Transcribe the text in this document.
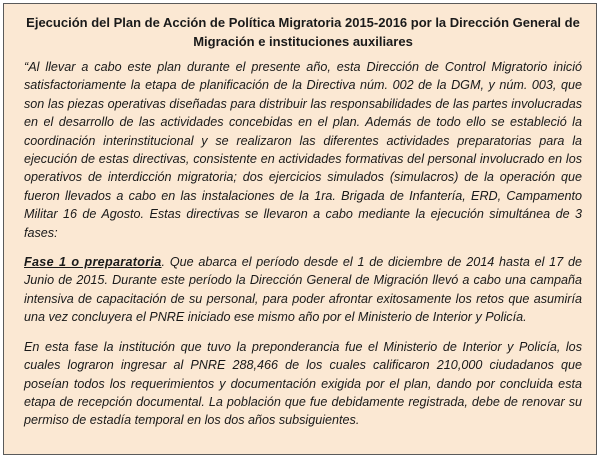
Ejecución del Plan de Acción de Política Migratoria 2015-2016 por la Dirección General de Migración e instituciones auxiliares

“Al llevar a cabo este plan durante el presente año, esta Dirección de Control Migratorio inició satisfactoriamente la etapa de planificación de la Directiva núm. 002 de la DGM, y núm. 003, que son las piezas operativas diseñadas para distribuir las responsabilidades de las partes involucradas en el desarrollo de las actividades concebidas en el plan. Además de todo ello se estableció la coordinación interinstitucional y se realizaron las diferentes actividades preparatorias para la ejecución de estas directivas, consistente en actividades formativas del personal involucrado en los operativos de interdicción migratoria; dos ejercicios simulados (simulacros) de la operación que fueron llevados a cabo en las instalaciones de la 1ra. Brigada de Infantería, ERD, Campamento Militar 16 de Agosto. Estas directivas se llevaron a cabo mediante la ejecución simultánea de 3 fases:

Fase 1 o preparatoria. Que abarca el período desde el 1 de diciembre de 2014 hasta el 17 de Junio de 2015. Durante este período la Dirección General de Migración llevó a cabo una campaña intensiva de capacitación de su personal, para poder afrontar exitosamente los retos que asumiría una vez concluyera el PNRE iniciado ese mismo año por el Ministerio de Interior y Policía.

En esta fase la institución que tuvo la preponderancia fue el Ministerio de Interior y Policía, los cuales lograron ingresar al PNRE 288,466 de los cuales calificaron 210,000 ciudadanos que poseían todos los requerimientos y documentación exigida por el plan, dando por concluida esta etapa de recepción documental. La población que fue debidamente registrada, debe de renovar su permiso de estadía temporal en los dos años subsiguientes.
